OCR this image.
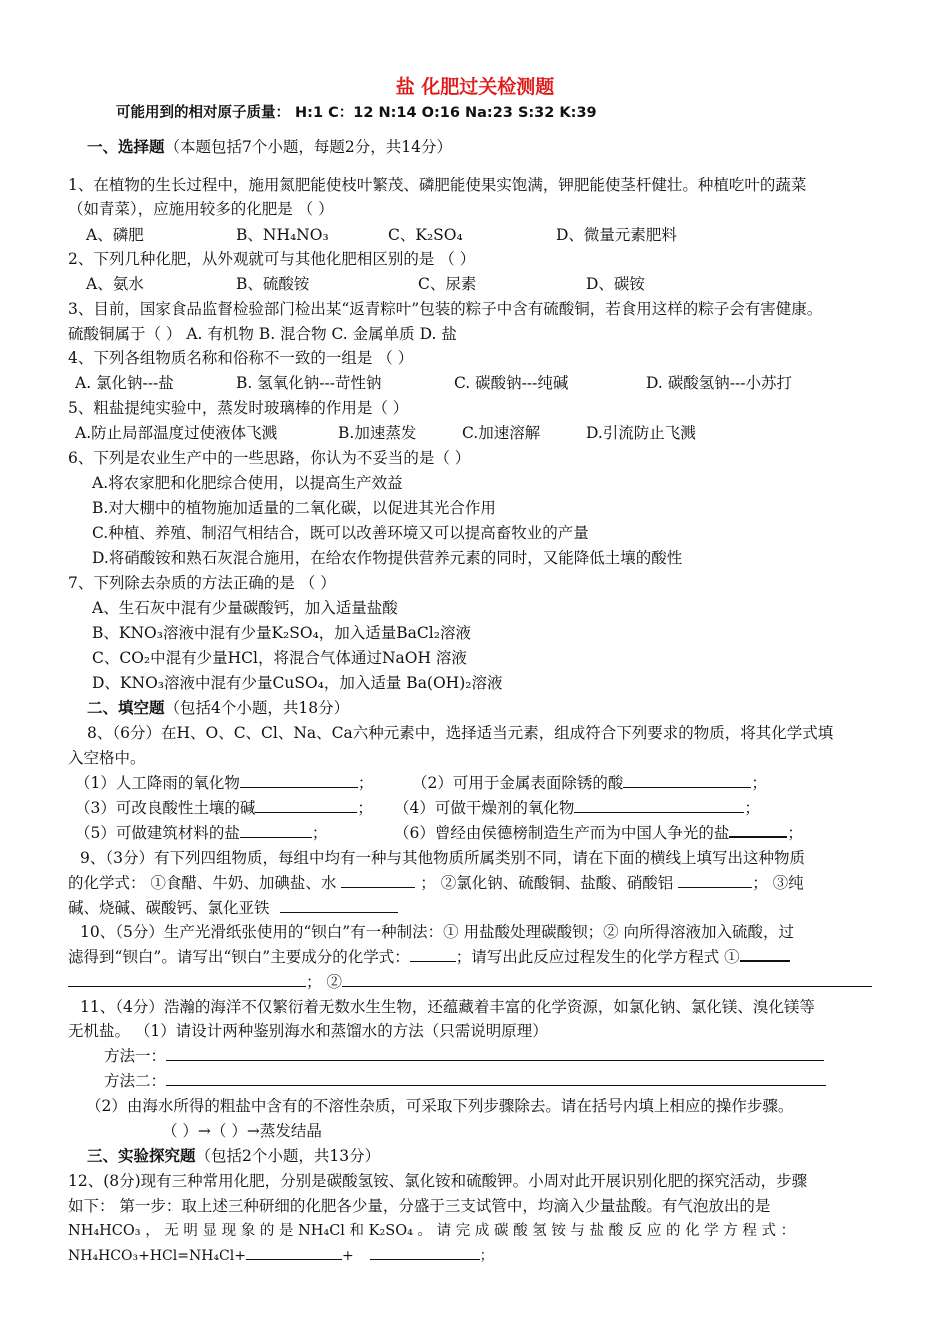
盐 化肥过关检测题
可能用到的相对原子质量： H:1 C：12 N:14 O:16 Na:23 S:32 K:39
一、选择题（本题包括7个小题，每题2分，共14分）
1、在植物的生长过程中，施用氮肥能使枝叶繁茂、磷肥能使果实饱满，钾肥能使茎杆健壮。种植吃叶的蔬菜
（如青菜），应施用较多的化肥是 （ ）
A、磷肥	B、NH₄NO₃	C、K₂SO₄	D、微量元素肥料
2、下列几种化肥，从外观就可与其他化肥相区别的是 （ ）
A、氨水	B、硫酸铵	C、尿素	D、碳铵
3、目前，国家食品监督检验部门检出某“返青粽叶”包装的粽子中含有硫酸铜，若食用这样的粽子会有害健康。
硫酸铜属于（ ） A. 有机物 B. 混合物 C. 金属单质 D. 盐
4、下列各组物质名称和俗称不一致的一组是 （ ）
A. 氯化钠---盐	B. 氢氧化钠---苛性钠	C. 碳酸钠---纯碱	D. 碳酸氢钠---小苏打
5、粗盐提纯实验中，蒸发时玻璃棒的作用是（ ）
A.防止局部温度过使液体飞溅	B.加速蒸发	C.加速溶解	D.引流防止飞溅
6、下列是农业生产中的一些思路，你认为不妥当的是（ ）
A.将农家肥和化肥综合使用，以提高生产效益
B.对大棚中的植物施加适量的二氧化碳，以促进其光合作用
C.种植、养殖、制沼气相结合，既可以改善环境又可以提高畜牧业的产量
D.将硝酸铵和熟石灰混合施用，在给农作物提供营养元素的同时，又能降低土壤的酸性
7、下列除去杂质的方法正确的是 （ ）
A、生石灰中混有少量碳酸钙，加入适量盐酸
B、KNO₃溶液中混有少量K₂SO₄，加入适量BaCl₂溶液
C、CO₂中混有少量HCl，将混合气体通过NaOH 溶液
D、KNO₃溶液中混有少量CuSO₄，加入适量 Ba(OH)₂溶液
二、填空题（包括4个小题，共18分）
8、（6分）在H、O、C、Cl、Na、Ca六种元素中，选择适当元素，组成符合下列要求的物质，将其化学式填
入空格中。
（1）人工降雨的氧化物	； （2）可用于金属表面除锈的酸	；
（3）可改良酸性土壤的碱	； （4）可做干燥剂的氧化物	；
（5）可做建筑材料的盐	；	（6）曾经由侯德榜制造生产而为中国人争光的盐	；
9、（3分）有下列四组物质，每组中均有一种与其他物质所属类别不同，请在下面的横线上填写出这种物质
的化学式： ①食醋、牛奶、加碘盐、水	； ②氯化钠、硫酸铜、盐酸、硝酸铝	； ③纯
碱、烧碱、碳酸钙、氯化亚铁
10、（5分）生产光滑纸张使用的“钡白”有一种制法：① 用盐酸处理碳酸钡；② 向所得溶液加入硫酸，过
滤得到“钡白”。请写出“钡白”主要成分的化学式：	；请写出此反应过程发生的化学方程式 ①
； ②
11、（4分）浩瀚的海洋不仅繁衍着无数水生生物，还蕴藏着丰富的化学资源，如氯化钠、氯化镁、溴化镁等
无机盐。 （1）请设计两种鉴别海水和蒸馏水的方法（只需说明原理）
方法一：
方法二：
（2）由海水所得的粗盐中含有的不溶性杂质，可采取下列步骤除去。请在括号内填上相应的操作步骤。
（ ）→（ ）→蒸发结晶
三、实验探究题（包括2个小题，共13分）
12、(8分)现有三种常用化肥，分别是碳酸氢铵、氯化铵和硫酸钾。小周对此开展识别化肥的探究活动，步骤
如下： 第一步：取上述三种研细的化肥各少量，分盛于三支试管中，均滴入少量盐酸。有气泡放出的是
NH₄HCO₃ ， 无 明 显 现 象 的 是 NH₄Cl 和 K₂SO₄ 。 请 完 成 碳 酸 氢 铵 与 盐 酸 反 应 的 化 学 方 程 式 ：
NH₄HCO₃+HCl=NH₄Cl+	+	；
